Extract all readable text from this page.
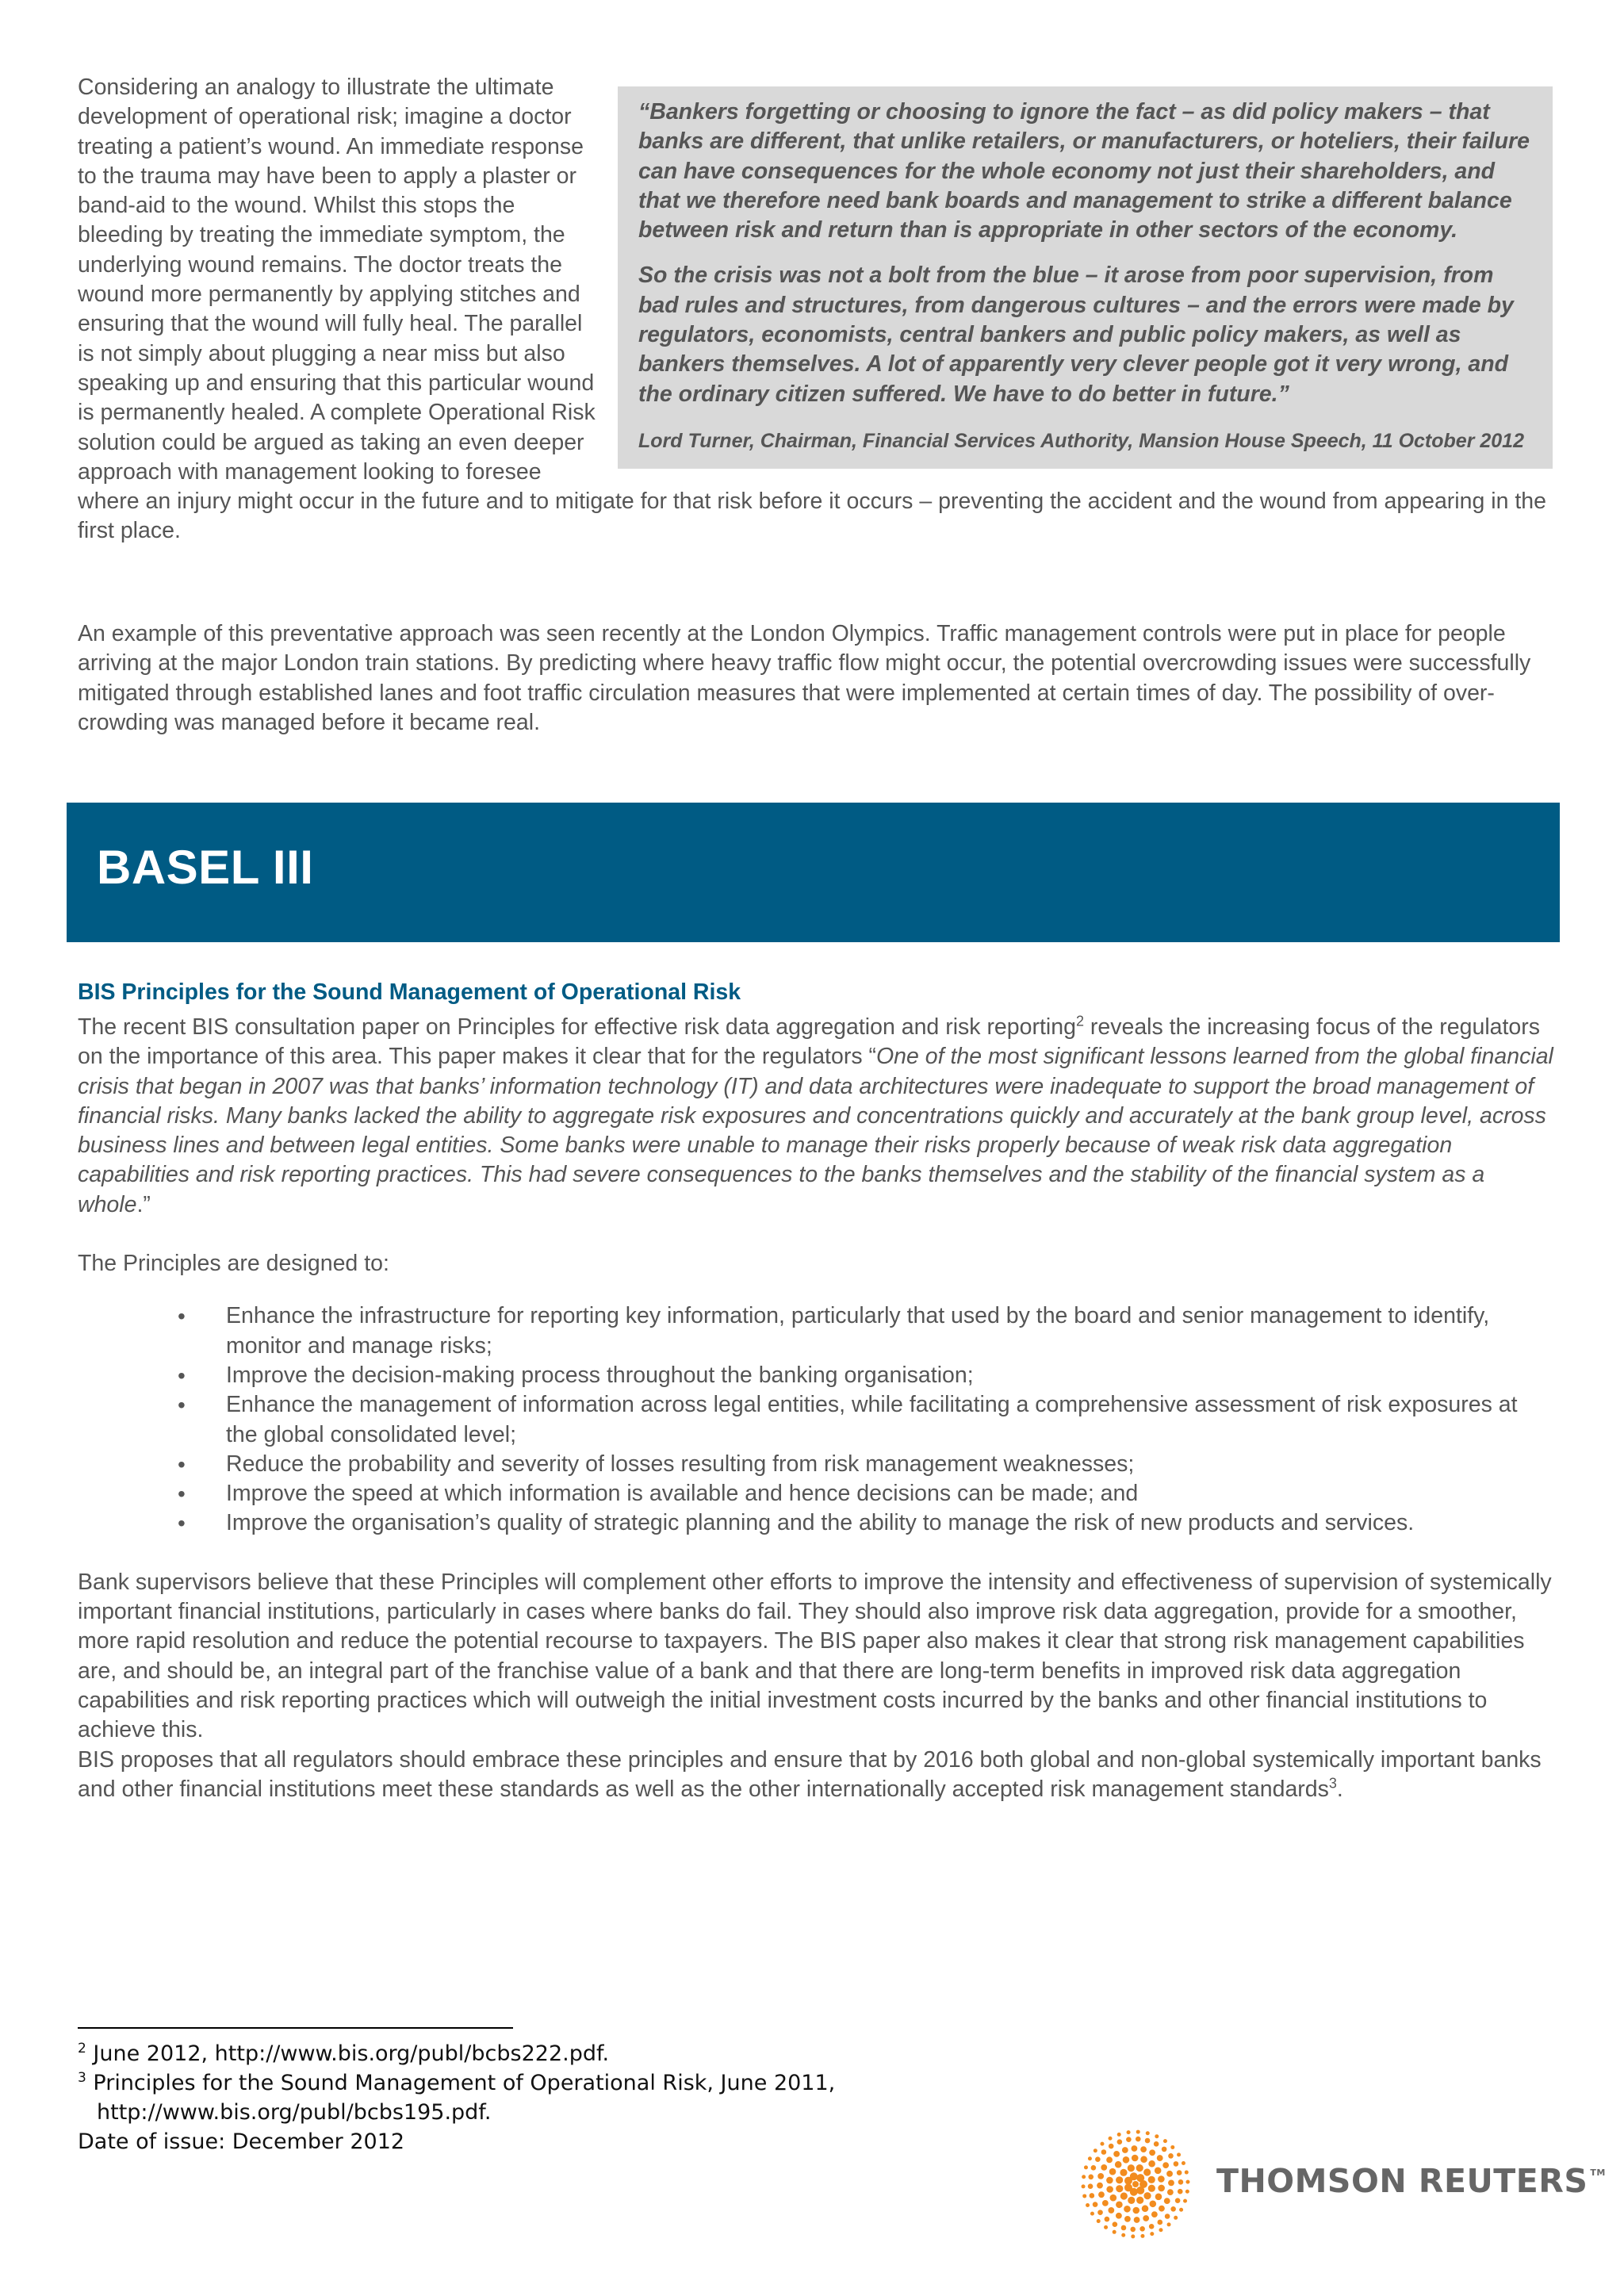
“Bankers forgetting or choosing to ignore the fact – as did policy makers – that banks are different, that unlike retailers, or manufacturers, or hoteliers, their failure can have consequences for the whole economy not just their shareholders, and that we therefore need bank boards and management to strike a different balance between risk and return than is appropriate in other sectors of the economy.

So the crisis was not a bolt from the blue – it arose from poor supervision, from bad rules and structures, from dangerous cultures – and the errors were made by regulators, economists, central bankers and public policy makers, as well as bankers themselves. A lot of apparently very clever people got it very wrong, and the ordinary citizen suffered. We have to do better in future.”

Lord Turner, Chairman, Financial Services Authority, Mansion House Speech, 11 October 2012

Considering an analogy to illustrate the ultimate development of operational risk; imagine a doctor treating a patient’s wound. An immediate response to the trauma may have been to apply a plaster or band-aid to the wound. Whilst this stops the bleeding by treating the immediate symptom, the underlying wound remains. The doctor treats the wound more permanently by applying stitches and ensuring that the wound will fully heal. The parallel is not simply about plugging a near miss but also speaking up and ensuring that this particular wound is permanently healed. A complete Operational Risk solution could be argued as taking an even deeper approach with management looking to foresee where an injury might occur in the future and to mitigate for that risk before it occurs – preventing the accident and the wound from appearing in the first place.

An example of this preventative approach was seen recently at the London Olympics. Traffic management controls were put in place for people arriving at the major London train stations. By predicting where heavy traffic flow might occur, the potential overcrowding issues were successfully mitigated through established lanes and foot traffic circulation measures that were implemented at certain times of day. The possibility of over-crowding was managed before it became real.

BASEL III
BIS Principles for the Sound Management of Operational Risk

The recent BIS consultation paper on Principles for effective risk data aggregation and risk reporting$^2$ reveals the increasing focus of the regulators on the importance of this area. This paper makes it clear that for the regulators “One of the most significant lessons learned from the global financial crisis that began in 2007 was that banks’ information technology (IT) and data architectures were inadequate to support the broad management of financial risks. Many banks lacked the ability to aggregate risk exposures and concentrations quickly and accurately at the bank group level, across business lines and between legal entities. Some banks were unable to manage their risks properly because of weak risk data aggregation capabilities and risk reporting practices. This had severe consequences to the banks themselves and the stability of the financial system as a whole.”

The Principles are designed to:

• Enhance the infrastructure for reporting key information, particularly that used by the board and senior management to identify, monitor and manage risks;
• Improve the decision-making process throughout the banking organisation;
• Enhance the management of information across legal entities, while facilitating a comprehensive assessment of risk exposures at the global consolidated level;
• Reduce the probability and severity of losses resulting from risk management weaknesses;
• Improve the speed at which information is available and hence decisions can be made; and
• Improve the organisation’s quality of strategic planning and the ability to manage the risk of new products and services.

Bank supervisors believe that these Principles will complement other efforts to improve the intensity and effectiveness of supervision of systemically important financial institutions, particularly in cases where banks do fail. They should also improve risk data aggregation, provide for a smoother, more rapid resolution and reduce the potential recourse to taxpayers. The BIS paper also makes it clear that strong risk management capabilities are, and should be, an integral part of the franchise value of a bank and that there are long-term benefits in improved risk data aggregation capabilities and risk reporting practices which will outweigh the initial investment costs incurred by the banks and other financial institutions to achieve this.

BIS proposes that all regulators should embrace these principles and ensure that by 2016 both global and non-global systemically important banks and other financial institutions meet these standards as well as the other internationally accepted risk management standards$^3$.

$^2$ June 2012, http://www.bis.org/publ/bcbs222.pdf.
$^3$ Principles for the Sound Management of Operational Risk, June 2011,
http://www.bis.org/publ/bcbs195.pdf.
Date of issue: December 2012

THOMSON REUTERS ™
